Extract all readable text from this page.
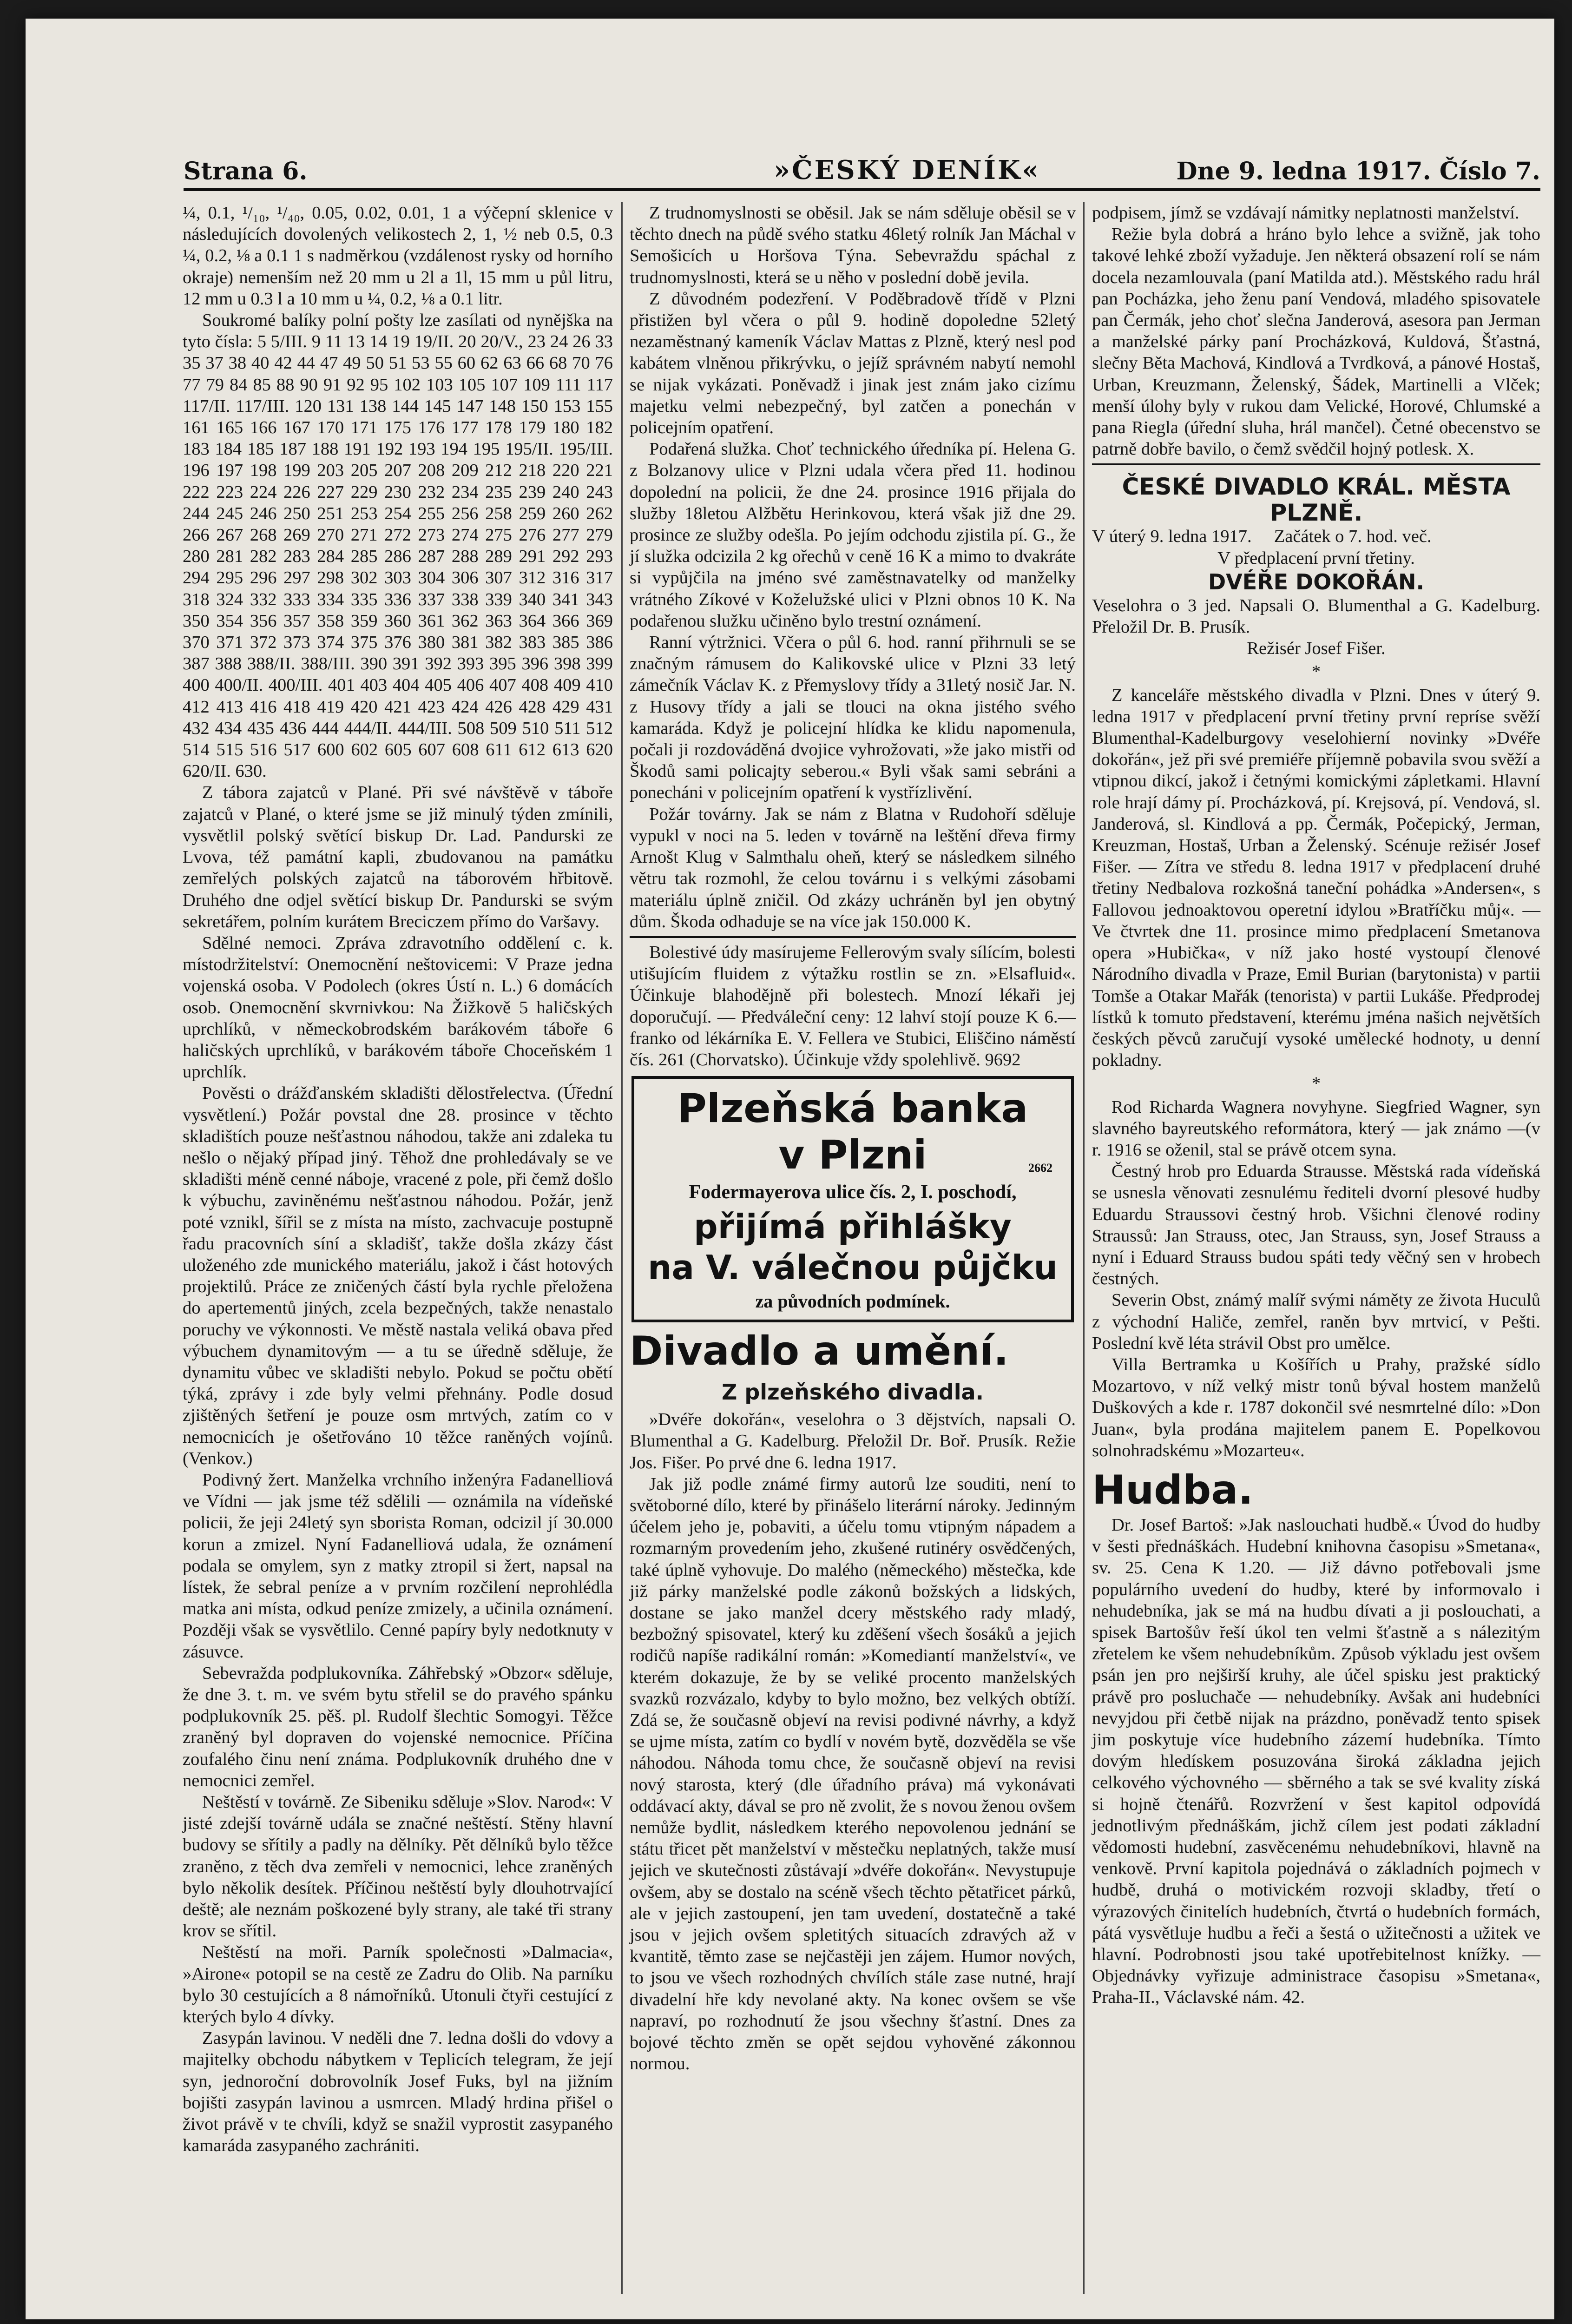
Strana 6.	»ČESKÝ DENÍK«	Dne 9. ledna 1917. Číslo 7.

¼, 0.1, ¹/₁₀, ¹/₄₀, 0.05, 0.02, 0.01, 1 a výčepní sklenice v následujících dovolených velikostech 2, 1, ½ neb 0.5, 0.3 ¼, 0.2, ⅛ a 0.1 1 s nadměrkou (vzdálenost rysky od horního okraje) nemenším než 20 mm u 2l a 1l, 15 mm u půl litru, 12 mm u 0.3 l a 10 mm u ¼, 0.2, ⅛ a 0.1 litr.

Soukromé balíky polní pošty lze zasílati od nynějška na tyto čísla: 5 5/III. 9 11 13 14 19 19/II. 20 20/V., 23 24 26 33 35 37 38 40 42 44 47 49 50 51 53 55 60 62 63 66 68 70 76 77 79 84 85 88 90 91 92 95 102 103 105 107 109 111 117 117/II. 117/III. 120 131 138 144 145 147 148 150 153 155 161 165 166 167 170 171 175 176 177 178 179 180 182 183 184 185 187 188 191 192 193 194 195 195/II. 195/III. 196 197 198 199 203 205 207 208 209 212 218 220 221 222 223 224 226 227 229 230 232 234 235 239 240 243 244 245 246 250 251 253 254 255 256 258 259 260 262 266 267 268 269 270 271 272 273 274 275 276 277 279 280 281 282 283 284 285 286 287 288 289 291 292 293 294 295 296 297 298 302 303 304 306 307 312 316 317 318 324 332 333 334 335 336 337 338 339 340 341 343 350 354 356 357 358 359 360 361 362 363 364 366 369 370 371 372 373 374 375 376 380 381 382 383 385 386 387 388 388/II. 388/III. 390 391 392 393 395 396 398 399 400 400/II. 400/III. 401 403 404 405 406 407 408 409 410 412 413 416 418 419 420 421 423 424 426 428 429 431 432 434 435 436 444 444/II. 444/III. 508 509 510 511 512 514 515 516 517 600 602 605 607 608 611 612 613 620 620/II. 630.

Z tábora zajatců v Plané. Při své návštěvě v táboře zajatců v Plané, o které jsme se již minulý týden zmínili, vysvětlil polský světící biskup Dr. Lad. Pandurski ze Lvova, též památní kapli, zbudovanou na památku zemřelých polských zajatců na táborovém hřbitově. Druhého dne odjel světící biskup Dr. Pandurski se svým sekretářem, polním kurátem Breciczem přímo do Varšavy.

Sdělné nemoci. Zpráva zdravotního oddělení c. k. místodržitelství: Onemocnění neštovicemi: V Praze jedna vojenská osoba. V Podolech (okres Ústí n. L.) 6 domácích osob. Onemocnění skvrnivkou: Na Žižkově 5 haličských uprchlíků, v německobrodském barákovém táboře 6 haličských uprchlíků, v barákovém táboře Choceňském 1 uprchlík.

Pověsti o drážďanském skladišti dělostřelectva. (Úřední vysvětlení.) Požár povstal dne 28. prosince v těchto skladištích pouze nešťastnou náhodou, takže ani zdaleka tu nešlo o nějaký případ jiný. Těhož dne prohledávaly se ve skladišti méně cenné náboje, vracené z pole, při čemž došlo k výbuchu, zaviněnému nešťastnou náhodou. Požár, jenž poté vznikl, šířil se z místa na místo, zachvacuje postupně řadu pracovních síní a skladišť, takže došla zkázy část uloženého zde munického materiálu, jakož i část hotových projektilů. Práce ze zničených částí byla rychle přeložena do apertementů jiných, zcela bezpečných, takže nenastalo poruchy ve výkonnosti. Ve městě nastala veliká obava před výbuchem dynamitovým — a tu se úředně sděluje, že dynamitu vůbec ve skladišti nebylo. Pokud se počtu obětí týká, zprávy i zde byly velmi přehnány. Podle dosud zjištěných šetření je pouze osm mrtvých, zatím co v nemocnicích je ošetřováno 10 těžce raněných vojínů. (Venkov.)

Podivný žert. Manželka vrchního inženýra Fadanelliová ve Vídni — jak jsme též sdělili — oznámila na vídeňské policii, že jeji 24letý syn sborista Roman, odcizil jí 30.000 korun a zmizel. Nyní Fadanelliová udala, že oznámení podala se omylem, syn z matky ztropil si žert, napsal na lístek, že sebral peníze a v prvním rozčilení neprohlédla matka ani místa, odkud peníze zmizely, a učinila oznámení. Později však se vysvětlilo. Cenné papíry byly nedotknuty v zásuvce.

Sebevražda podplukovníka. Záhřebský »Obzor« sděluje, že dne 3. t. m. ve svém bytu střelil se do pravého spánku podplukovník 25. pěš. pl. Rudolf šlechtic Somogyi. Těžce zraněný byl dopraven do vojenské nemocnice. Příčina zoufalého činu není známa. Podplukovník druhého dne v nemocnici zemřel.

Neštěstí v továrně. Ze Sibeniku sděluje »Slov. Narod«: V jisté zdejší továrně udála se značné neštěstí. Stěny hlavní budovy se sřítily a padly na dělníky. Pět dělníků bylo těžce zraněno, z těch dva zemřeli v nemocnici, lehce zraněných bylo několik desítek. Příčinou neštěstí byly dlouhotrvající deště; ale neznám poškozené byly strany, ale také tři strany krov se sřítil.

Neštěstí na moři. Parník společnosti »Dalmacia«, »Airone« potopil se na cestě ze Zadru do Olib. Na parníku bylo 30 cestujících a 8 námořníků. Utonuli čtyři cestující z kterých bylo 4 dívky.

Zasypán lavinou. V neděli dne 7. ledna došli do vdovy a majitelky obchodu nábytkem v Teplicích telegram, že její syn, jednoroční dobrovolník Josef Fuks, byl na jižním bojišti zasypán lavinou a usmrcen. Mladý hrdina přišel o život právě v te chvíli, když se snažil vyprostit zasypaného kamaráda zasypaného zachrániti.

Z trudnomyslnosti se oběsil. Jak se nám sděluje oběsil se v těchto dnech na půdě svého statku 46letý rolník Jan Máchal v Semošicích u Horšova Týna. Sebevraždu spáchal z trudnomyslnosti, která se u něho v poslední době jevila.

Z důvodném podezření. V Poděbradově třídě v Plzni přistižen byl včera o půl 9. hodině dopoledne 52letý nezaměstnaný kameník Václav Mattas z Plzně, který nesl pod kabátem vlněnou přikrývku, o jejíž správném nabytí nemohl se nijak vykázati. Poněvadž i jinak jest znám jako cizímu majetku velmi nebezpečný, byl zatčen a ponechán v policejním opatření.

Podařená služka. Choť technického úředníka pí. Helena G. z Bolzanovy ulice v Plzni udala včera před 11. hodinou dopolední na policii, že dne 24. prosince 1916 přijala do služby 18letou Alžbětu Herinkovou, která však již dne 29. prosince ze služby odešla. Po jejím odchodu zjistila pí. G., že jí služka odcizila 2 kg ořechů v ceně 16 K a mimo to dvakráte si vypůjčila na jméno své zaměstnavatelky od manželky vrátného Zíkové v Koželužské ulici v Plzni obnos 10 K. Na podařenou služku učiněno bylo trestní oznámení.

Ranní výtržnici. Včera o půl 6. hod. ranní přihrnuli se se značným rámusem do Kalikovské ulice v Plzni 33 letý zámečník Václav K. z Přemyslovy třídy a 31letý nosič Jar. N. z Husovy třídy a jali se tlouci na okna jistého svého kamaráda. Když je policejní hlídka ke klidu napomenula, počali ji rozdováděná dvojice vyhrožovati, »že jako mistři od Škodů sami policajty seberou.« Byli však sami sebráni a ponecháni v policejním opatření k vystřízlivění.

Požár továrny. Jak se nám z Blatna v Rudohoří sděluje vypukl v noci na 5. leden v továrně na leštění dřeva firmy Arnošt Klug v Salmthalu oheň, který se následkem silného větru tak rozmohl, že celou továrnu i s velkými zásobami materiálu úplně zničil. Od zkázy uchráněn byl jen obytný dům. Škoda odhaduje se na více jak 150.000 K.

Bolestivé údy masírujeme Fellerovým svaly sílícím, bolesti utišujícím fluidem z výtažku rostlin se zn. »Elsafluid«. Účinkuje blahodějně při bolestech. Mnozí lékaři jej doporučují. — Předváleční ceny: 12 lahví stojí pouze K 6.— franko od lékárníka E. V. Fellera ve Stubici, Eliščino náměstí čís. 261 (Chorvatsko). Účinkuje vždy spolehlivě. 9692

Plzeňská banka
v Plzni	2662
Fodermayerova ulice čís. 2, I. poschodí,
přijímá přihlášky
na V. válečnou půjčku
za původních podmínek.
Divadlo a umění.
Z plzeňského divadla.

»Dvéře dokořán«, veselohra o 3 dějstvích, napsali O. Blumenthal a G. Kadelburg. Přeložil Dr. Boř. Prusík. Režie Jos. Fišer. Po prvé dne 6. ledna 1917.

Jak již podle známé firmy autorů lze souditi, není to světoborné dílo, které by přinášelo literární nároky. Jedinným účelem jeho je, pobaviti, a účelu tomu vtipným nápadem a rozmarným provedením jeho, zkušené rutinéry osvědčených, také úplně vyhovuje. Do malého (německého) městečka, kde již párky manželské podle zákonů božských a lidských, dostane se jako manžel dcery městského rady mladý, bezbožný spisovatel, který ku zděšení všech šosáků a jejich rodičů napíše radikální román: »Komediantí manželství«, ve kterém dokazuje, že by se veliké procento manželských svazků rozvázalo, kdyby to bylo možno, bez velkých obtíží. Zdá se, že současně objeví na revisi podivné návrhy, a když se ujme místa, zatím co bydlí v novém bytě, dozvěděla se vše náhodou. Náhoda tomu chce, že současně objeví na revisi nový starosta, který (dle úřadního práva) má vykonávati oddávací akty, dával se pro ně zvolit, že s novou ženou ovšem nemůže bydlit, následkem kterého nepovolenou jednání se státu třicet pět manželství v městečku neplatných, takže musí jejich ve skutečnosti zůstávají »dvéře dokořán«. Nevystupuje ovšem, aby se dostalo na scéně všech těchto pětatřicet párků, ale v jejich zastoupení, jen tam uvedení, dostatečně a také jsou v jejich ovšem spletitých situacích zdravých až v kvantitě, těmto zase se nejčastěji jen zájem. Humor nových, to jsou ve všech rozhodných chvílích stále zase nutné, hrají divadelní hře kdy nevolané akty. Na konec ovšem se vše napraví, po rozhodnutí že jsou všechny šťastní. Dnes za bojové těchto změn se opět sejdou vyhověné zákonnou normou.

podpisem, jímž se vzdávají námitky neplatnosti manželství.

Režie byla dobrá a hráno bylo lehce a svižně, jak toho takové lehké zboží vyžaduje. Jen některá obsazení rolí se nám docela nezamlouvala (paní Matilda atd.). Městského radu hrál pan Pocházka, jeho ženu paní Vendová, mladého spisovatele pan Čermák, jeho choť slečna Janderová, asesora pan Jerman a manželské párky paní Procházková, Kuldová, Šťastná, slečny Běta Machová, Kindlová a Tvrdková, a pánové Hostaš, Urban, Kreuzmann, Želenský, Šádek, Martinelli a Vlček; menší úlohy byly v rukou dam Velické, Horové, Chlumské a pana Riegla (úřední sluha, hrál mančel). Četné obecenstvo se patrně dobře bavilo, o čemž svědčil hojný potlesk. X.

ČESKÉ DIVADLO KRÁL. MĚSTA PLZNĚ.

V úterý 9. ledna 1917. Začátek o 7. hod. več.

V předplacení první třetiny.

DVÉŘE DOKOŘÁN.

Veselohra o 3 jed. Napsali O. Blumenthal a G. Kadelburg. Přeložil Dr. B. Prusík.

Režisér Josef Fišer.

*

Z kanceláře městského divadla v Plzni. Dnes v úterý 9. ledna 1917 v předplacení první třetiny první repríse svěží Blumenthal-Kadelburgovy veselohierní novinky »Dvéře dokořán«, jež při své premiéře příjemně pobavila svou svěží a vtipnou dikcí, jakož i četnými komickými zápletkami. Hlavní role hrají dámy pí. Procházková, pí. Krejsová, pí. Vendová, sl. Janderová, sl. Kindlová a pp. Čermák, Počepický, Jerman, Kreuzman, Hostaš, Urban a Želenský. Scénuje režisér Josef Fišer. — Zítra ve středu 8. ledna 1917 v předplacení druhé třetiny Nedbalova rozkošná taneční pohádka »Andersen«, s Fallovou jednoaktovou operetní idylou »Bratříčku můj«. — Ve čtvrtek dne 11. prosince mimo předplacení Smetanova opera »Hubička«, v níž jako hosté vystoupí členové Národního divadla v Praze, Emil Burian (barytonista) v partii Tomše a Otakar Mařák (tenorista) v partii Lukáše. Předprodej lístků k tomuto představení, kterému jména našich největších českých pěvců zaručují vysoké umělecké hodnoty, u denní pokladny.

*

Rod Richarda Wagnera novyhyne. Siegfried Wagner, syn slavného bayreutského reformátora, který — jak známo —(v r. 1916 se oženil, stal se právě otcem syna.

Čestný hrob pro Eduarda Strausse. Městská rada vídeňská se usnesla věnovati zesnulému řediteli dvorní plesové hudby Eduardu Straussovi čestný hrob. Všichni členové rodiny Straussů: Jan Strauss, otec, Jan Strauss, syn, Josef Strauss a nyní i Eduard Strauss budou spáti tedy věčný sen v hrobech čestných.

Severin Obst, známý malíř svými náměty ze života Huculů z východní Haliče, zemřel, raněn byv mrtvicí, v Pešti. Poslední kvě léta strávil Obst pro umělce.

Villa Bertramka u Košířích u Prahy, pražské sídlo Mozartovo, v níž velký mistr tonů býval hostem manželů Duškových a kde r. 1787 dokončil své nesmrtelné dílo: »Don Juan«, byla prodána majitelem panem E. Popelkovou solnohradskému »Mozarteu«.

Hudba.

Dr. Josef Bartoš: »Jak naslouchati hudbě.« Úvod do hudby v šesti přednáškách. Hudební knihovna časopisu »Smetana«, sv. 25. Cena K 1.20. — Již dávno potřebovali jsme populárního uvedení do hudby, které by informovalo i nehudebníka, jak se má na hudbu dívati a ji poslouchati, a spisek Bartošův řeší úkol ten velmi šťastně a s nálezitým zřetelem ke všem nehudebníkům. Způsob výkladu jest ovšem psán jen pro nejširší kruhy, ale účel spisku jest praktický právě pro posluchače — nehudebníky. Avšak ani hudebníci nevyjdou při četbě nijak na prázdno, poněvadž tento spisek jim poskytuje více hudebního zázemí hudebníka. Tímto dovým hledískem posuzována široká základna jejich celkového výchovného — sběrného a tak se své kvality získá si hojně čtenářů. Rozvržení v šest kapitol odpovídá jednotlivým přednáškám, jichž cílem jest podati základní vědomosti hudební, zasvěcenému nehudebníkovi, hlavně na venkově. První kapitola pojednává o základních pojmech v hudbě, druhá o motivickém rozvoji skladby, třetí o výrazových činitelích hudebních, čtvrtá o hudebních formách, pátá vysvětluje hudbu a řeči a šestá o užitečnosti a užitek ve hlavní. Podrobnosti jsou také upotřebitelnost knížky. — Objednávky vyřizuje administrace časopisu »Smetana«, Praha-II., Václavské nám. 42.
